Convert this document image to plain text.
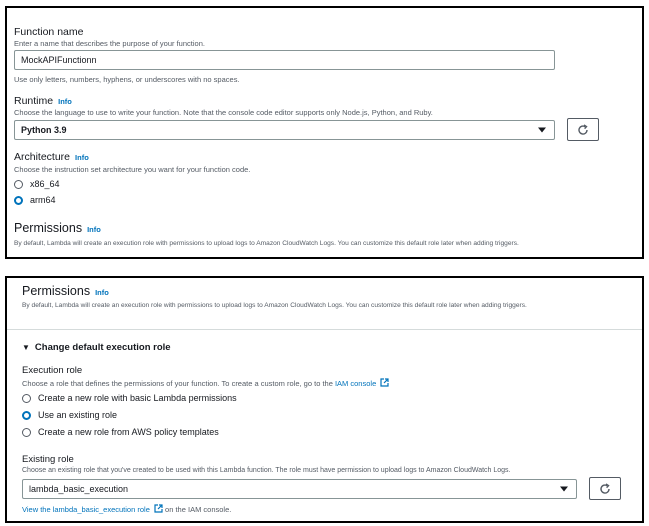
Function name
Enter a name that describes the purpose of your function.
MockAPIFunctionn
Use only letters, numbers, hyphens, or underscores with no spaces.
Runtime Info
Choose the language to use to write your function. Note that the console code editor supports only Node.js, Python, and Ruby.
Python 3.9
Architecture Info
Choose the instruction set architecture you want for your function code.
x86_64
arm64
Permissions Info
By default, Lambda will create an execution role with permissions to upload logs to Amazon CloudWatch Logs. You can customize this default role later when adding triggers.
Permissions Info
By default, Lambda will create an execution role with permissions to upload logs to Amazon CloudWatch Logs. You can customize this default role later when adding triggers.
▼ Change default execution role
Execution role
Choose a role that defines the permissions of your function. To create a custom role, go to the IAM console
Create a new role with basic Lambda permissions
Use an existing role
Create a new role from AWS policy templates
Existing role
Choose an existing role that you've created to be used with this Lambda function. The role must have permission to upload logs to Amazon CloudWatch Logs.
lambda_basic_execution
View the lambda_basic_execution role on the IAM console.
